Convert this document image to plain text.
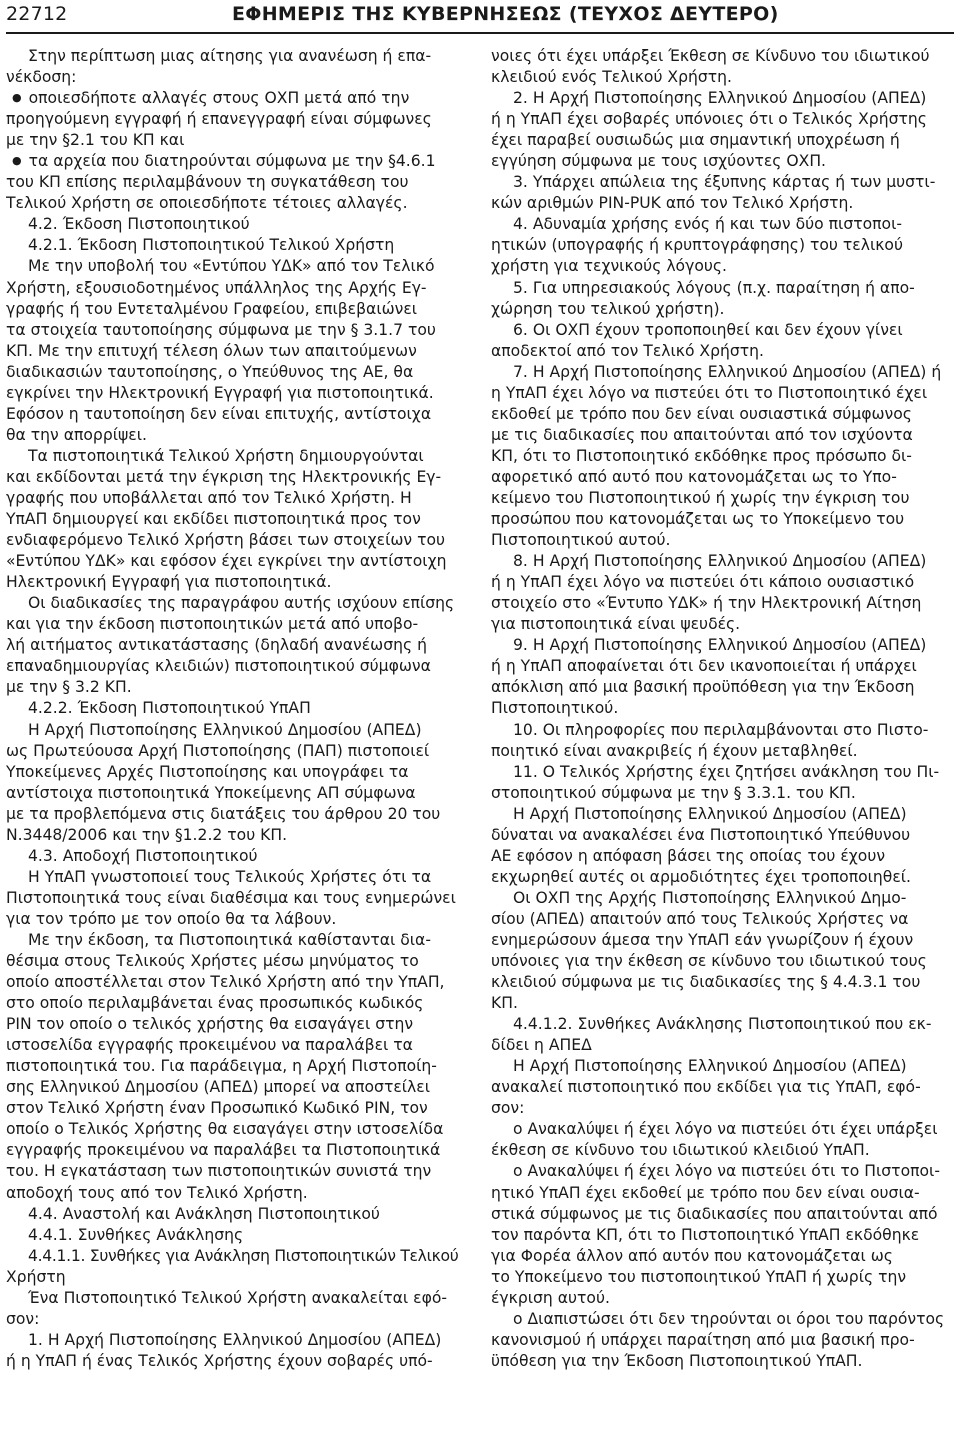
22712	ΕΦΗΜΕΡΙΣ ΤΗΣ ΚΥΒΕΡΝΗΣΕΩΣ (ΤΕΥΧΟΣ ΔΕΥΤΕΡΟ)
Στην περίπτωση μιας αίτησης για ανανέωση ή επα-
νέκδοση:
● οποιεσδήποτε αλλαγές στους ΟΧΠ μετά από την
προηγούμενη εγγραφή ή επανεγγραφή είναι σύμφωνες
με την §2.1 του ΚΠ και
● τα αρχεία που διατηρούνται σύμφωνα με την §4.6.1
του ΚΠ επίσης περιλαμβάνουν τη συγκατάθεση του
Τελικού Χρήστη σε οποιεσδήποτε τέτοιες αλλαγές.
4.2. Έκδοση Πιστοποιητικού
4.2.1. Έκδοση Πιστοποιητικού Τελικού Χρήστη
Με την υποβολή του «Εντύπου ΥΔΚ» από τον Τελικό
Χρήστη, εξουσιοδοτημένος υπάλληλος της Αρχής Εγ-
γραφής ή του Εντεταλμένου Γραφείου, επιβεβαιώνει
τα στοιχεία ταυτοποίησης σύμφωνα με την § 3.1.7 του
ΚΠ. Με την επιτυχή τέλεση όλων των απαιτούμενων
διαδικασιών ταυτοποίησης, ο Υπεύθυνος της ΑΕ, θα
εγκρίνει την Ηλεκτρονική Εγγραφή για πιστοποιητικά.
Εφόσον η ταυτοποίηση δεν είναι επιτυχής, αντίστοιχα
θα την απορρίψει.
Τα πιστοποιητικά Τελικού Χρήστη δημιουργούνται
και εκδίδονται μετά την έγκριση της Ηλεκτρονικής Εγ-
γραφής που υποβάλλεται από τον Τελικό Χρήστη. Η
ΥπΑΠ δημιουργεί και εκδίδει πιστοποιητικά προς τον
ενδιαφερόμενο Τελικό Χρήστη βάσει των στοιχείων του
«Εντύπου ΥΔΚ» και εφόσον έχει εγκρίνει την αντίστοιχη
Ηλεκτρονική Εγγραφή για πιστοποιητικά.
Οι διαδικασίες της παραγράφου αυτής ισχύουν επίσης
και για την έκδοση πιστοποιητικών μετά από υποβο-
λή αιτήματος αντικατάστασης (δηλαδή ανανέωσης ή
επαναδημιουργίας κλειδιών) πιστοποιητικού σύμφωνα
με την § 3.2 ΚΠ.
4.2.2. Έκδοση Πιστοποιητικού ΥπΑΠ
Η Αρχή Πιστοποίησης Ελληνικού Δημοσίου (ΑΠΕΔ)
ως Πρωτεύουσα Αρχή Πιστοποίησης (ΠΑΠ) πιστοποιεί
Υποκείμενες Αρχές Πιστοποίησης και υπογράφει τα
αντίστοιχα πιστοποιητικά Υποκείμενης ΑΠ σύμφωνα
με τα προβλεπόμενα στις διατάξεις του άρθρου 20 του
Ν.3448/2006 και την §1.2.2 του ΚΠ.
4.3. Αποδοχή Πιστοποιητικού
Η ΥπΑΠ γνωστοποιεί τους Τελικούς Χρήστες ότι τα
Πιστοποιητικά τους είναι διαθέσιμα και τους ενημερώνει
για τον τρόπο με τον οποίο θα τα λάβουν.
Με την έκδοση, τα Πιστοποιητικά καθίστανται δια-
θέσιμα στους Τελικούς Χρήστες μέσω μηνύματος το
οποίο αποστέλλεται στον Τελικό Χρήστη από την ΥπΑΠ,
στο οποίο περιλαμβάνεται ένας προσωπικός κωδικός
PIN τον οποίο ο τελικός χρήστης θα εισαγάγει στην
ιστοσελίδα εγγραφής προκειμένου να παραλάβει τα
πιστοποιητικά του. Για παράδειγμα, η Αρχή Πιστοποίη-
σης Ελληνικού Δημοσίου (ΑΠΕΔ) μπορεί να αποστείλει
στον Τελικό Χρήστη έναν Προσωπικό Κωδικό PIN, τον
οποίο ο Τελικός Χρήστης θα εισαγάγει στην ιστοσελίδα
εγγραφής προκειμένου να παραλάβει τα Πιστοποιητικά
του. Η εγκατάσταση των πιστοποιητικών συνιστά την
αποδοχή τους από τον Τελικό Χρήστη.
4.4. Αναστολή και Ανάκληση Πιστοποιητικού
4.4.1. Συνθήκες Ανάκλησης
4.4.1.1. Συνθήκες για Ανάκληση Πιστοποιητικών Τελικού
Χρήστη
Ένα Πιστοποιητικό Τελικού Χρήστη ανακαλείται εφό-
σον:
1. Η Αρχή Πιστοποίησης Ελληνικού Δημοσίου (ΑΠΕΔ)
ή η ΥπΑΠ ή ένας Τελικός Χρήστης έχουν σοβαρές υπό-
νοιες ότι έχει υπάρξει Έκθεση σε Κίνδυνο του ιδιωτικού
κλειδιού ενός Τελικού Χρήστη.
2. Η Αρχή Πιστοποίησης Ελληνικού Δημοσίου (ΑΠΕΔ)
ή η ΥπΑΠ έχει σοβαρές υπόνοιες ότι ο Τελικός Χρήστης
έχει παραβεί ουσιωδώς μια σημαντική υποχρέωση ή
εγγύηση σύμφωνα με τους ισχύοντες ΟΧΠ.
3. Υπάρχει απώλεια της έξυπνης κάρτας ή των μυστι-
κών αριθμών PIN-PUK από τον Τελικό Χρήστη.
4. Αδυναμία χρήσης ενός ή και των δύο πιστοποι-
ητικών (υπογραφής ή κρυπτογράφησης) του τελικού
χρήστη για τεχνικούς λόγους.
5. Για υπηρεσιακούς λόγους (π.χ. παραίτηση ή απο-
χώρηση του τελικού χρήστη).
6. Οι ΟΧΠ έχουν τροποποιηθεί και δεν έχουν γίνει
αποδεκτοί από τον Τελικό Χρήστη.
7. Η Αρχή Πιστοποίησης Ελληνικού Δημοσίου (ΑΠΕΔ) ή
η ΥπΑΠ έχει λόγο να πιστεύει ότι το Πιστοποιητικό έχει
εκδοθεί με τρόπο που δεν είναι ουσιαστικά σύμφωνος
με τις διαδικασίες που απαιτούνται από τον ισχύοντα
ΚΠ, ότι το Πιστοποιητικό εκδόθηκε προς πρόσωπο δι-
αφορετικό από αυτό που κατονομάζεται ως το Υπο-
κείμενο του Πιστοποιητικού ή χωρίς την έγκριση του
προσώπου που κατονομάζεται ως το Υποκείμενο του
Πιστοποιητικού αυτού.
8. Η Αρχή Πιστοποίησης Ελληνικού Δημοσίου (ΑΠΕΔ)
ή η ΥπΑΠ έχει λόγο να πιστεύει ότι κάποιο ουσιαστικό
στοιχείο στο «Έντυπο ΥΔΚ» ή την Ηλεκτρονική Αίτηση
για πιστοποιητικά είναι ψευδές.
9. Η Αρχή Πιστοποίησης Ελληνικού Δημοσίου (ΑΠΕΔ)
ή η ΥπΑΠ αποφαίνεται ότι δεν ικανοποιείται ή υπάρχει
απόκλιση από μια βασική προϋπόθεση για την Έκδοση
Πιστοποιητικού.
10. Οι πληροφορίες που περιλαμβάνονται στο Πιστο-
ποιητικό είναι ανακριβείς ή έχουν μεταβληθεί.
11. Ο Τελικός Χρήστης έχει ζητήσει ανάκληση του Πι-
στοποιητικού σύμφωνα με την § 3.3.1. του ΚΠ.
Η Αρχή Πιστοποίησης Ελληνικού Δημοσίου (ΑΠΕΔ)
δύναται να ανακαλέσει ένα Πιστοποιητικό Υπεύθυνου
ΑΕ εφόσον η απόφαση βάσει της οποίας του έχουν
εκχωρηθεί αυτές οι αρμοδιότητες έχει τροποποιηθεί.
Οι ΟΧΠ της Αρχής Πιστοποίησης Ελληνικού Δημο-
σίου (ΑΠΕΔ) απαιτούν από τους Τελικούς Χρήστες να
ενημερώσουν άμεσα την ΥπΑΠ εάν γνωρίζουν ή έχουν
υπόνοιες για την έκθεση σε κίνδυνο του ιδιωτικού τους
κλειδιού σύμφωνα με τις διαδικασίες της § 4.4.3.1 του
ΚΠ.
4.4.1.2. Συνθήκες Ανάκλησης Πιστοποιητικού που εκ-
δίδει η ΑΠΕΔ
Η Αρχή Πιστοποίησης Ελληνικού Δημοσίου (ΑΠΕΔ)
ανακαλεί πιστοποιητικό που εκδίδει για τις ΥπΑΠ, εφό-
σον:
ο Ανακαλύψει ή έχει λόγο να πιστεύει ότι έχει υπάρξει
έκθεση σε κίνδυνο του ιδιωτικού κλειδιού ΥπΑΠ.
ο Ανακαλύψει ή έχει λόγο να πιστεύει ότι το Πιστοποι-
ητικό ΥπΑΠ έχει εκδοθεί με τρόπο που δεν είναι ουσια-
στικά σύμφωνος με τις διαδικασίες που απαιτούνται από
τον παρόντα ΚΠ, ότι το Πιστοποιητικό ΥπΑΠ εκδόθηκε
για Φορέα άλλον από αυτόν που κατονομάζεται ως
το Υποκείμενο του πιστοποιητικού ΥπΑΠ ή χωρίς την
έγκριση αυτού.
ο Διαπιστώσει ότι δεν τηρούνται οι όροι του παρόντος
κανονισμού ή υπάρχει παραίτηση από μια βασική προ-
ϋπόθεση για την Έκδοση Πιστοποιητικού ΥπΑΠ.
